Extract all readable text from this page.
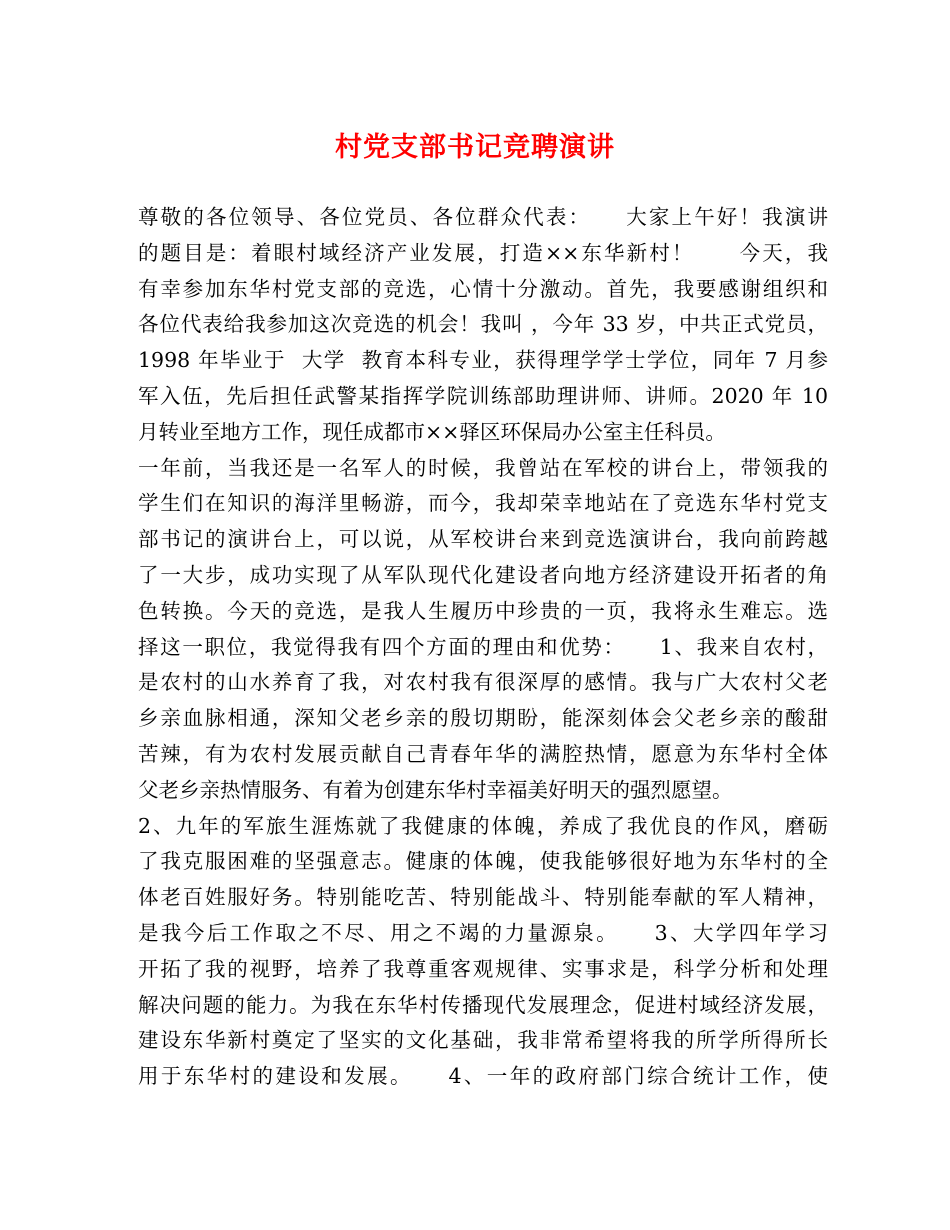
村党支部书记竞聘演讲
尊敬的各位领导、各位党员、各位群众代表：　　大家上午好！我演讲
的题目是：着眼村域经济产业发展，打造××东华新村！　　今天，我
有幸参加东华村党支部的竞选，心情十分激动。首先，我要感谢组织和
各位代表给我参加这次竞选的机会！我叫 ，今年 33 岁，中共正式党员，
1998 年毕业于  大学  教育本科专业，获得理学学士学位，同年 7 月参
军入伍，先后担任武警某指挥学院训练部助理讲师、讲师。2020 年 10
月转业至地方工作，现任成都市××驿区环保局办公室主任科员。
一年前，当我还是一名军人的时候，我曾站在军校的讲台上，带领我的
学生们在知识的海洋里畅游，而今，我却荣幸地站在了竞选东华村党支
部书记的演讲台上，可以说，从军校讲台来到竞选演讲台，我向前跨越
了一大步，成功实现了从军队现代化建设者向地方经济建设开拓者的角
色转换。今天的竞选，是我人生履历中珍贵的一页，我将永生难忘。选
择这一职位，我觉得我有四个方面的理由和优势：　　1、我来自农村，
是农村的山水养育了我，对农村我有很深厚的感情。我与广大农村父老
乡亲血脉相通，深知父老乡亲的殷切期盼，能深刻体会父老乡亲的酸甜
苦辣，有为农村发展贡献自己青春年华的满腔热情，愿意为东华村全体
父老乡亲热情服务、有着为创建东华村幸福美好明天的强烈愿望。
2、九年的军旅生涯炼就了我健康的体魄，养成了我优良的作风，磨砺
了我克服困难的坚强意志。健康的体魄，使我能够很好地为东华村的全
体老百姓服好务。特别能吃苦、特别能战斗、特别能奉献的军人精神，
是我今后工作取之不尽、用之不竭的力量源泉。　　3、大学四年学习
开拓了我的视野，培养了我尊重客观规律、实事求是，科学分析和处理
解决问题的能力。为我在东华村传播现代发展理念，促进村域经济发展，
建设东华新村奠定了坚实的文化基础，我非常希望将我的所学所得所长
用于东华村的建设和发展。　　4、一年的政府部门综合统计工作，使
